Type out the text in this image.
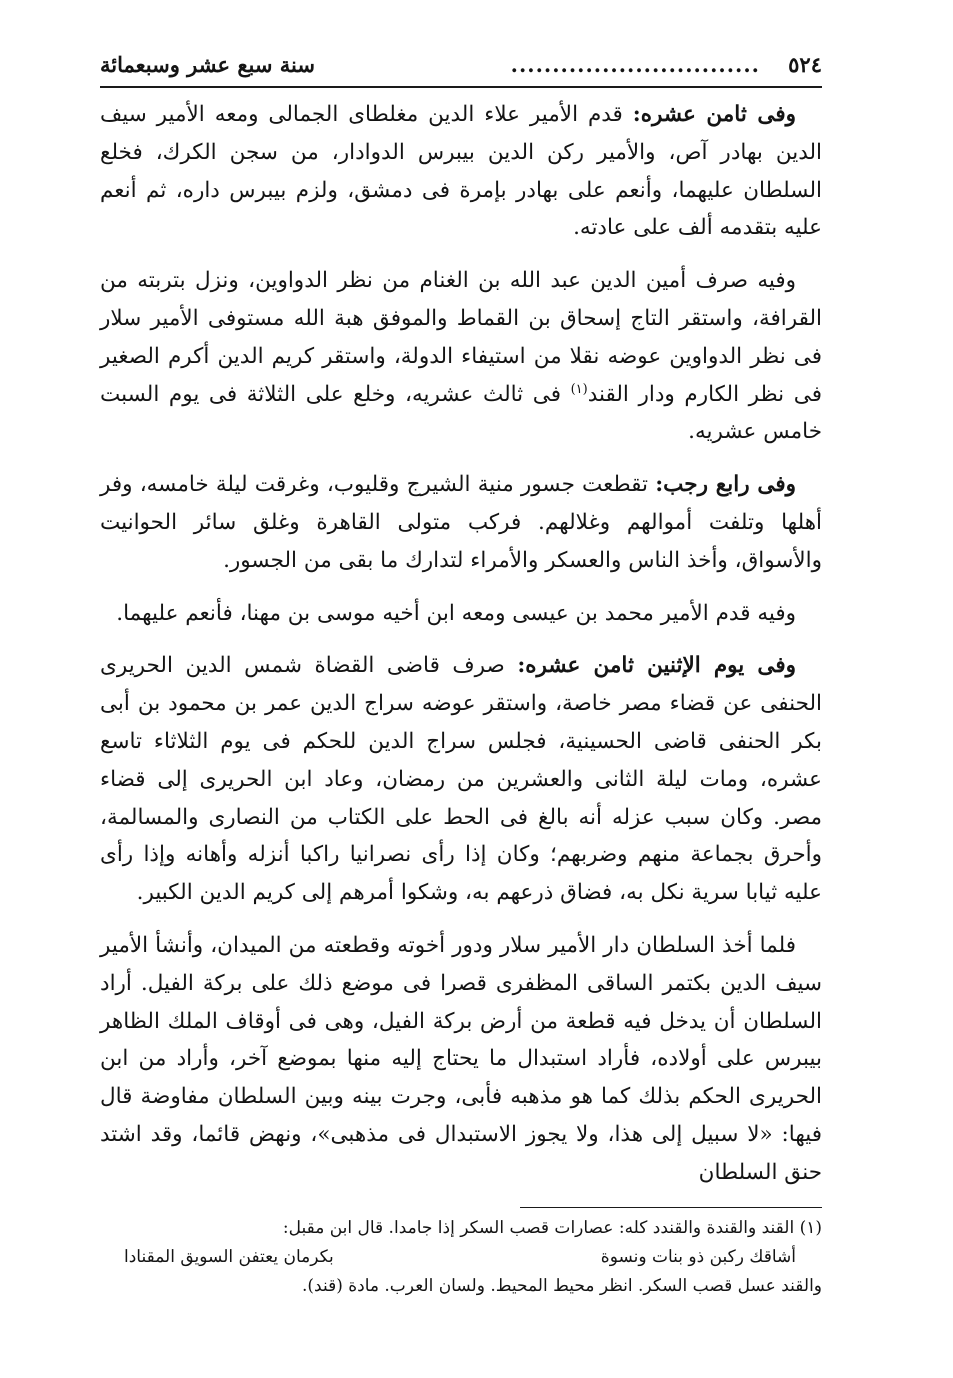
٥٢٤
..............................
سنة سبع عشر وسبعمائة

وفى ثامن عشره: قدم الأمير علاء الدين مغلطاى الجمالى ومعه الأمير سيف الدين بهادر آص، والأمير ركن الدين بيبرس الدوادار، من سجن الكرك، فخلع السلطان عليهما، وأنعم على بهادر بإمرة فى دمشق، ولزم بيبرس داره، ثم أنعم عليه بتقدمه ألف على عادته.

وفيه صرف أمين الدين عبد الله بن الغنام من نظر الدواوين، ونزل بتربته من القرافة، واستقر التاج إسحاق بن القماط والموفق هبة الله مستوفى الأمير سلار فى نظر الدواوين عوضه نقلا من استيفاء الدولة، واستقر كريم الدين أكرم الصغير فى نظر الكارم ودار القند$^{(١)}$ فى ثالث عشريه، وخلع على الثلاثة فى يوم السبت خامس عشريه.

وفى رابع رجب: تقطعت جسور منية الشيرج وقليوب، وغرقت ليلة خامسه، وفر أهلها وتلفت أموالهم وغلالهم. فركب متولى القاهرة وغلق سائر الحوانيت والأسواق، وأخذ الناس والعسكر والأمراء لتدارك ما بقى من الجسور.

وفيه قدم الأمير محمد بن عيسى ومعه ابن أخيه موسى بن مهنا، فأنعم عليهما.

وفى يوم الإثنين ثامن عشره: صرف قاضى القضاة شمس الدين الحريرى الحنفى عن قضاء مصر خاصة، واستقر عوضه سراج الدين عمر بن محمود بن أبى بكر الحنفى قاضى الحسينية، فجلس سراج الدين للحكم فى يوم الثلاثاء تاسع عشره، ومات ليلة الثانى والعشرين من رمضان، وعاد ابن الحريرى إلى قضاء مصر. وكان سبب عزله أنه بالغ فى الحط على الكتاب من النصارى والمسالمة، وأحرق بجماعة منهم وضربهم؛ وكان إذا رأى نصرانيا راكبا أنزله وأهانه وإذا رأى عليه ثيابا سرية نكل به، فضاق ذرعهم به، وشكوا أمرهم إلى كريم الدين الكبير.

فلما أخذ السلطان دار الأمير سلار ودور أخوته وقطعته من الميدان، وأنشأ الأمير سيف الدين بكتمر الساقى المظفرى قصرا فى موضع ذلك على بركة الفيل. أراد السلطان أن يدخل فيه قطعة من أرض بركة الفيل، وهى فى أوقاف الملك الظاهر بيبرس على أولاده، فأراد استبدال ما يحتاج إليه منها بموضع آخر، وأراد من ابن الحريرى الحكم بذلك كما هو مذهبه فأبى، وجرت بينه وبين السلطان مفاوضة قال فيها: «لا سبيل إلى هذا، ولا يجوز الاستبدال فى مذهبى»، ونهض قائما، وقد اشتد حنق السلطان

(١) القند والقندة والقندد كله: عصارات قصب السكر إذا جامدا. قال ابن مقبل:

أشاقك ركبن ذو بنات ونسوة
بكرمان يعتفن السويق المقنادا

والقند عسل قصب السكر. انظر محيط المحيط. ولسان العرب. مادة (قند).
